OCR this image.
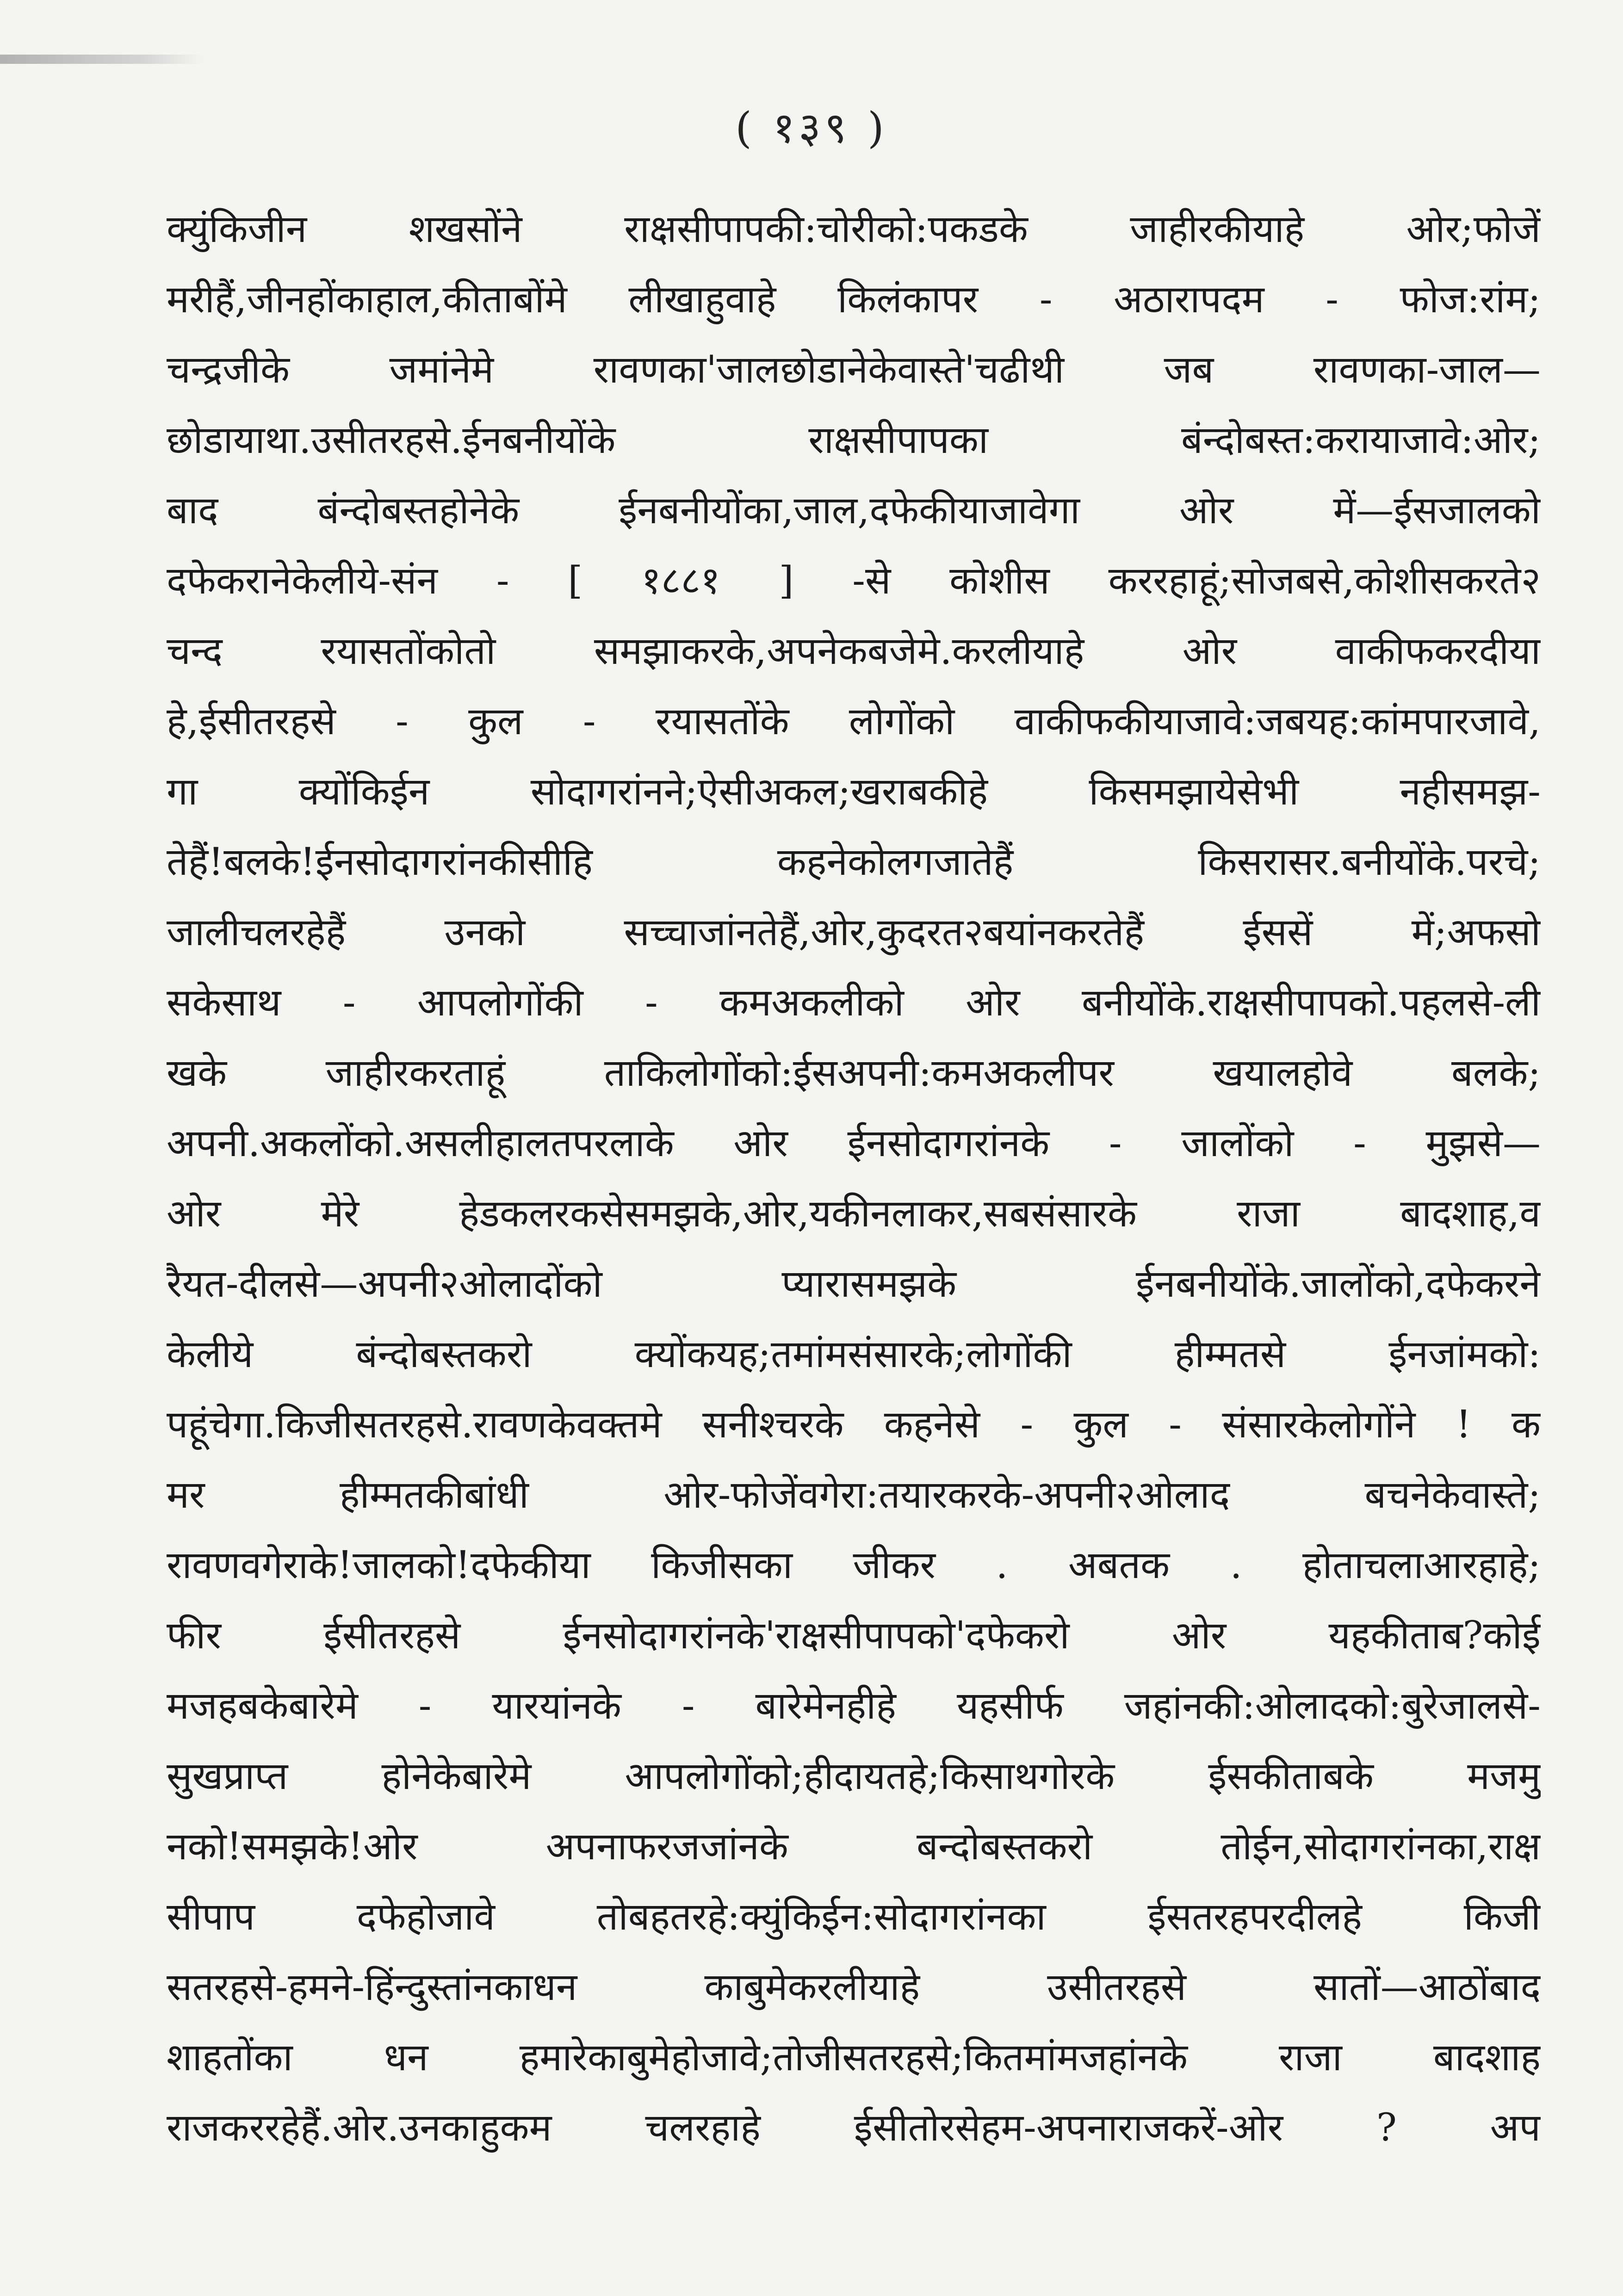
( १३९ )
क्युंकिजीन शखसोंने राक्षसीपापकी:चोरीको:पकडके जाहीरकीयाहे ओर;फोजें
मरीहैं,जीनहोंकाहाल,कीताबोंमे लीखाहुवाहे किलंकापर - अठारापदम - फोज:रांम;
चन्द्रजीके जमांनेमे रावणका'जालछोडानेकेवास्ते'चढीथी जब रावणका-जाल—
छोडायाथा.उसीतरहसे.ईनबनीयोंके राक्षसीपापका बंन्दोबस्त:करायाजावे:ओर;
बाद बंन्दोबस्तहोनेके ईनबनीयोंका,जाल,दफेकीयाजावेगा ओर में—ईसजालको
दफेकरानेकेलीये-संन - [ १८८१ ] -से कोशीस कररहाहूं;सोजबसे,कोशीसकरते२
चन्द रयासतोंकोतो समझाकरके,अपनेकबजेमे.करलीयाहे ओर वाकीफकरदीया
हे,ईसीतरहसे - कुल - रयासतोंके लोगोंको वाकीफकीयाजावे:जबयह:कांमपारजावे,
गा क्योंकिईन सोदागरांनने;ऐसीअकल;खराबकीहे किसमझायेसेभी नहीसमझ-
तेहैं!बलके!ईनसोदागरांनकीसीहि कहनेकोलगजातेहैं किसरासर.बनीयोंके.परचे;
जालीचलरहेहैं उनको सच्चाजांनतेहैं,ओर,कुदरत२बयांनकरतेहैं ईससें में;अफसो
सकेसाथ - आपलोगोंकी - कमअकलीको ओर बनीयोंके.राक्षसीपापको.पहलसे-ली
खके जाहीरकरताहूं ताकिलोगोंको:ईसअपनी:कमअकलीपर खयालहोवे बलके;
अपनी.अकलोंको.असलीहालतपरलाके ओर ईनसोदागरांनके - जालोंको - मुझसे—
ओर मेरे हेडकलरकसेसमझके,ओर,यकीनलाकर,सबसंसारके राजा बादशाह,व
रैयत-दीलसे—अपनी२ओलादोंको प्यारासमझके ईनबनीयोंके.जालोंको,दफेकरने
केलीये बंन्दोबस्तकरो क्योंकयह;तमांमसंसारके;लोगोंकी हीम्मतसे ईनजांमको:
पहूंचेगा.किजीसतरहसे.रावणकेवक्तमे सनीश्चरके कहनेसे - कुल - संसारकेलोगोंने ! क
मर हीम्मतकीबांधी ओर-फोजेंवगेरा:तयारकरके-अपनी२ओलाद बचनेकेवास्ते;
रावणवगेराके!जालको!दफेकीया किजीसका जीकर . अबतक . होताचलाआरहाहे;
फीर ईसीतरहसे ईनसोदागरांनके'राक्षसीपापको'दफेकरो ओर यहकीताब?कोई
मजहबकेबारेमे - यारयांनके - बारेमेनहीहे यहसीर्फ जहांनकी:ओलादको:बुरेजालसे-
सुखप्राप्त होनेकेबारेमे आपलोगोंको;हीदायतहे;किसाथगोरके ईसकीताबके मजमु
नको!समझके!ओर अपनाफरजजांनके बन्दोबस्तकरो तोईन,सोदागरांनका,राक्ष
सीपाप दफेहोजावे तोबहतरहे:क्युंकिईन:सोदागरांनका ईसतरहपरदीलहे किजी
सतरहसे-हमने-हिंन्दुस्तांनकाधन काबुमेकरलीयाहे उसीतरहसे सातों—आठोंबाद
शाहतोंका धन हमारेकाबुमेहोजावे;तोजीसतरहसे;कितमांमजहांनके राजा बादशाह
राजकररहेहैं.ओर.उनकाहुकम चलरहाहे ईसीतोरसेहम-अपनाराजकरें-ओर ? अप
